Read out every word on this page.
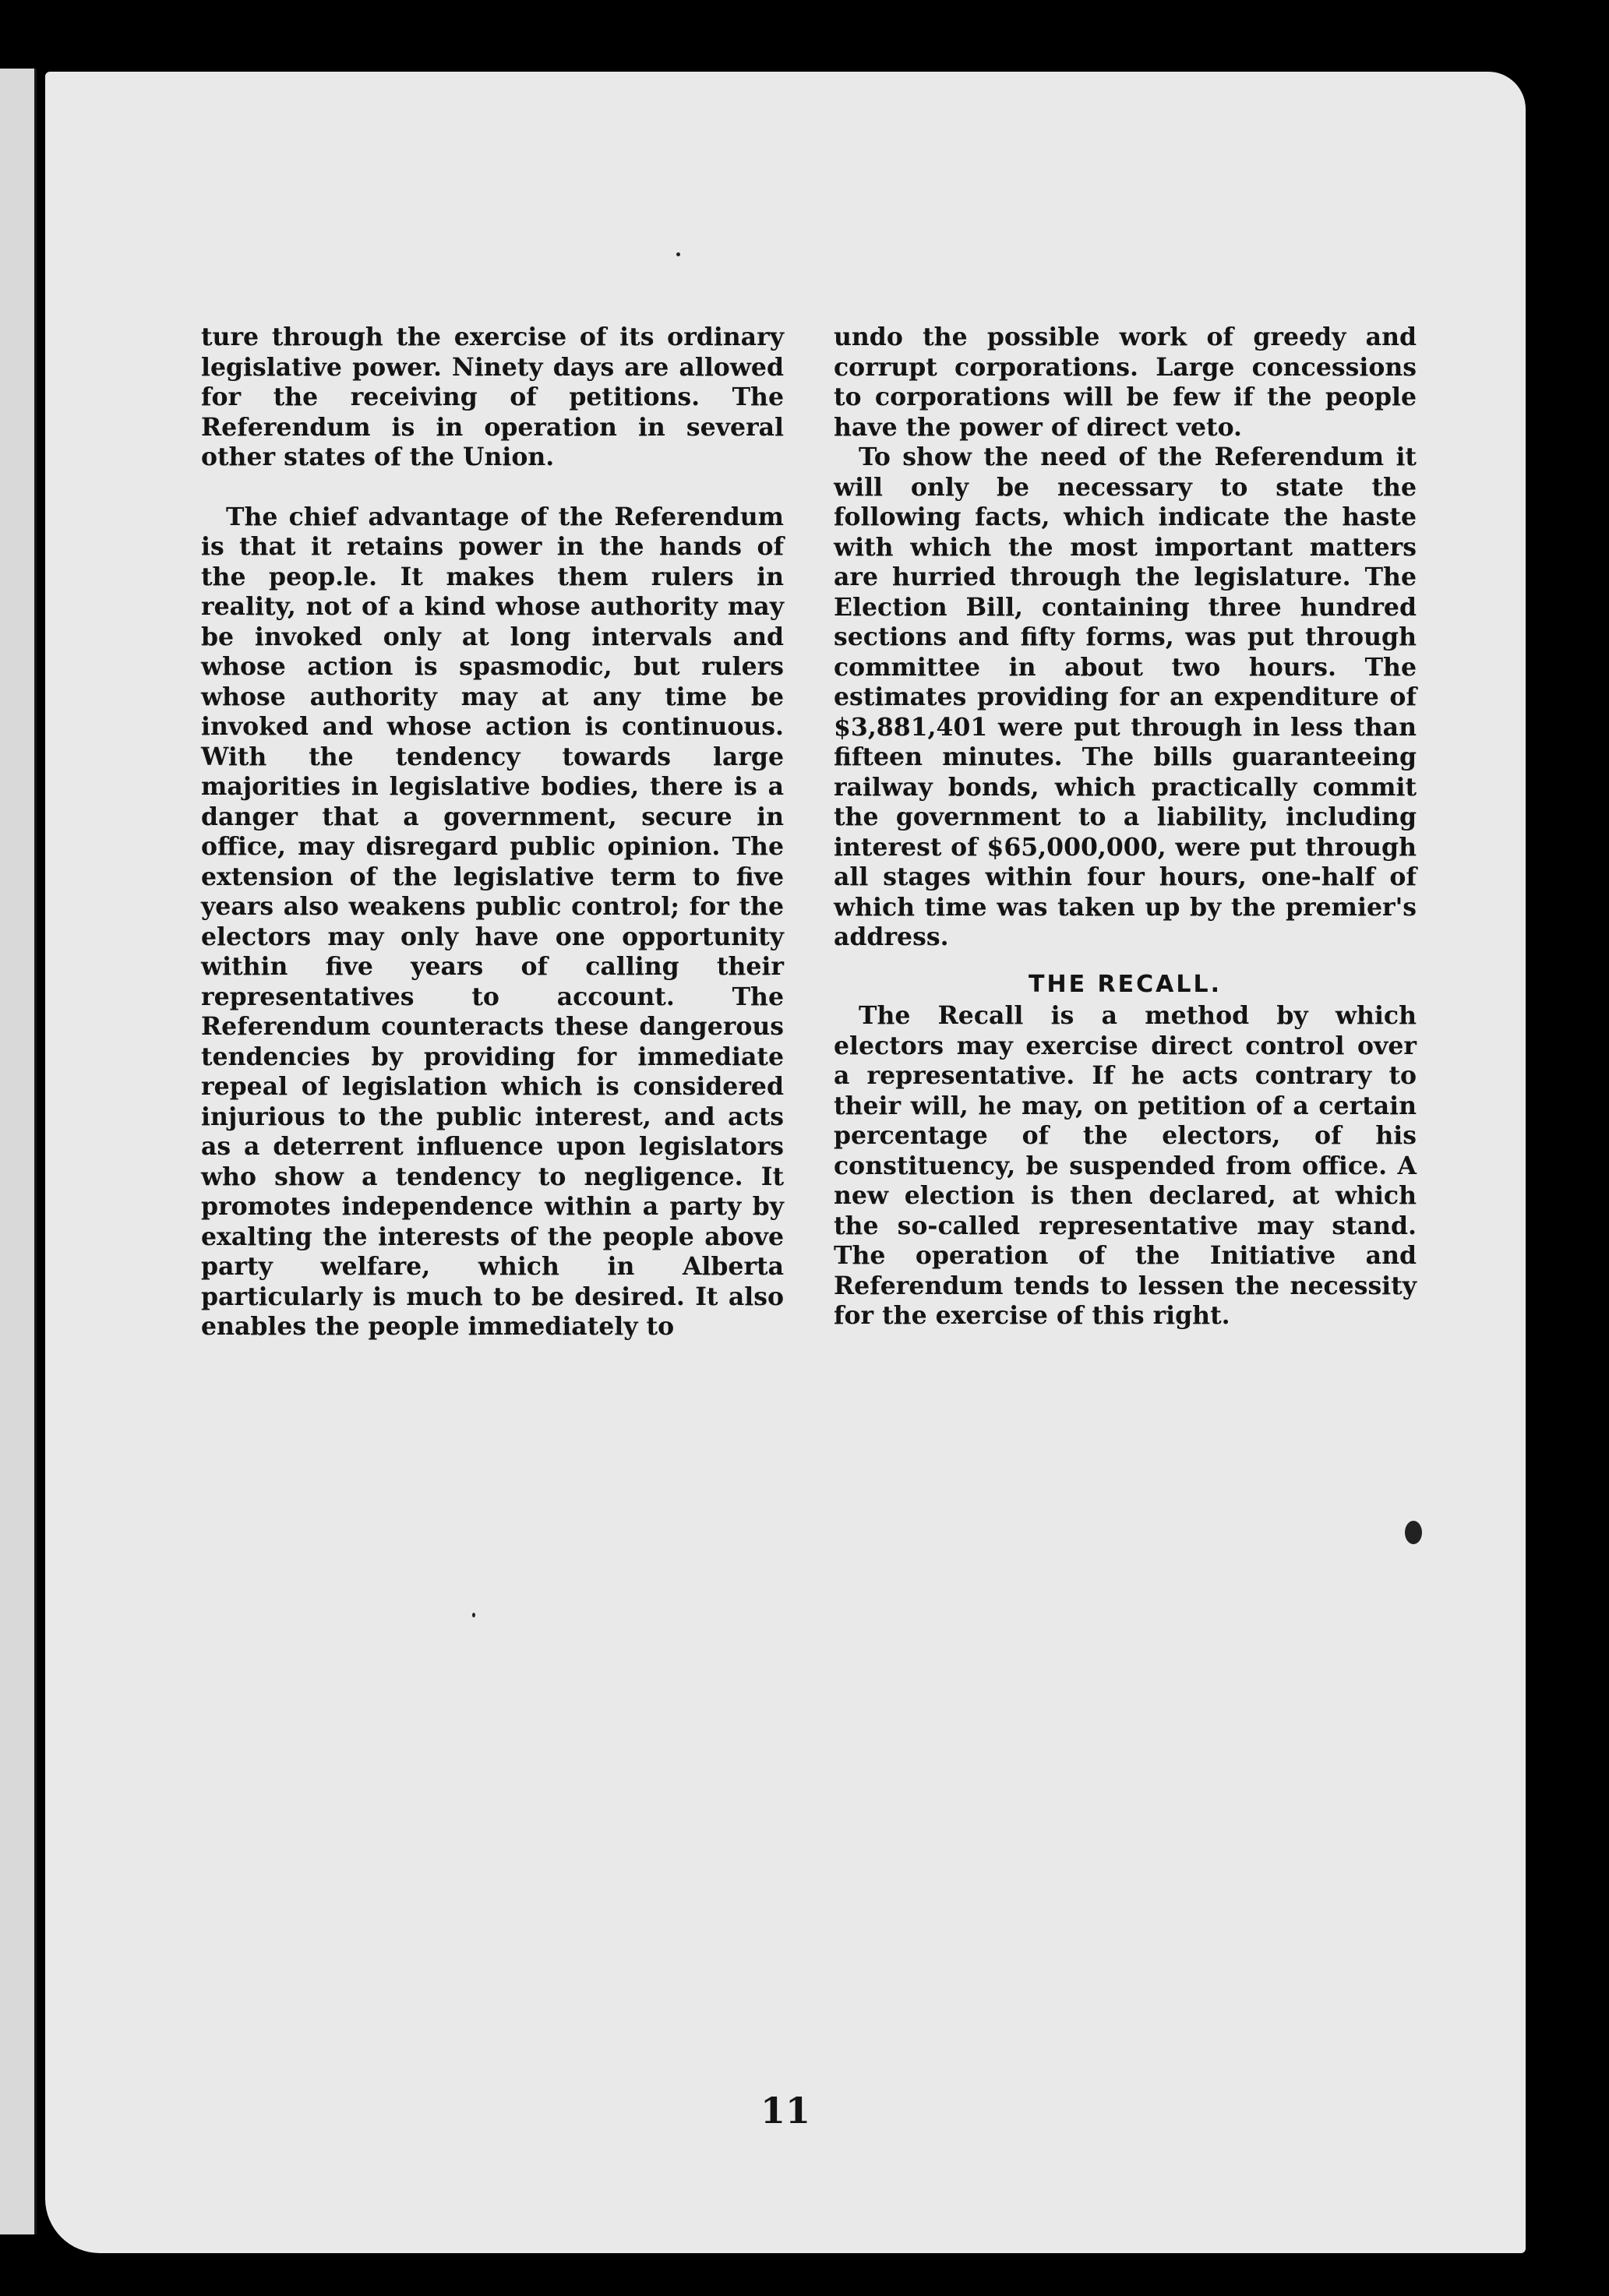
ture through the exercise of its ordinary legislative power. Ninety days are allowed for the receiving of petitions. The Referendum is in operation in several other states of the Union.

The chief advantage of the Referendum is that it retains power in the hands of the peop.le. It makes them rulers in reality, not of a kind whose authority may be invoked only at long intervals and whose action is spasmodic, but rulers whose authority may at any time be invoked and whose action is continuous. With the tendency towards large majorities in legislative bodies, there is a danger that a government, secure in office, may disregard public opinion. The extension of the legislative term to five years also weakens public control; for the electors may only have one opportunity within five years of calling their representatives to account. The Referendum counteracts these dangerous tendencies by providing for immediate repeal of legislation which is considered injurious to the public interest, and acts as a deterrent influence upon legislators who show a tendency to negligence. It promotes independence within a party by exalting the interests of the people above party welfare, which in Alberta particularly is much to be desired. It also enables the people immediately to

undo the possible work of greedy and corrupt corporations. Large concessions to corporations will be few if the people have the power of direct veto.

To show the need of the Referendum it will only be necessary to state the following facts, which indicate the haste with which the most important matters are hurried through the legislature. The Election Bill, containing three hundred sections and fifty forms, was put through committee in about two hours. The estimates providing for an expenditure of $3,881,401 were put through in less than fifteen minutes. The bills guaranteeing railway bonds, which practically commit the government to a liability, including interest of $65,000,000, were put through all stages within four hours, one-half of which time was taken up by the premier's address.

THE RECALL.

The Recall is a method by which electors may exercise direct control over a representative. If he acts contrary to their will, he may, on petition of a certain percentage of the electors, of his constituency, be suspended from office. A new election is then declared, at which the so-called representative may stand. The operation of the Initiative and Referendum tends to lessen the necessity for the exercise of this right.

11
